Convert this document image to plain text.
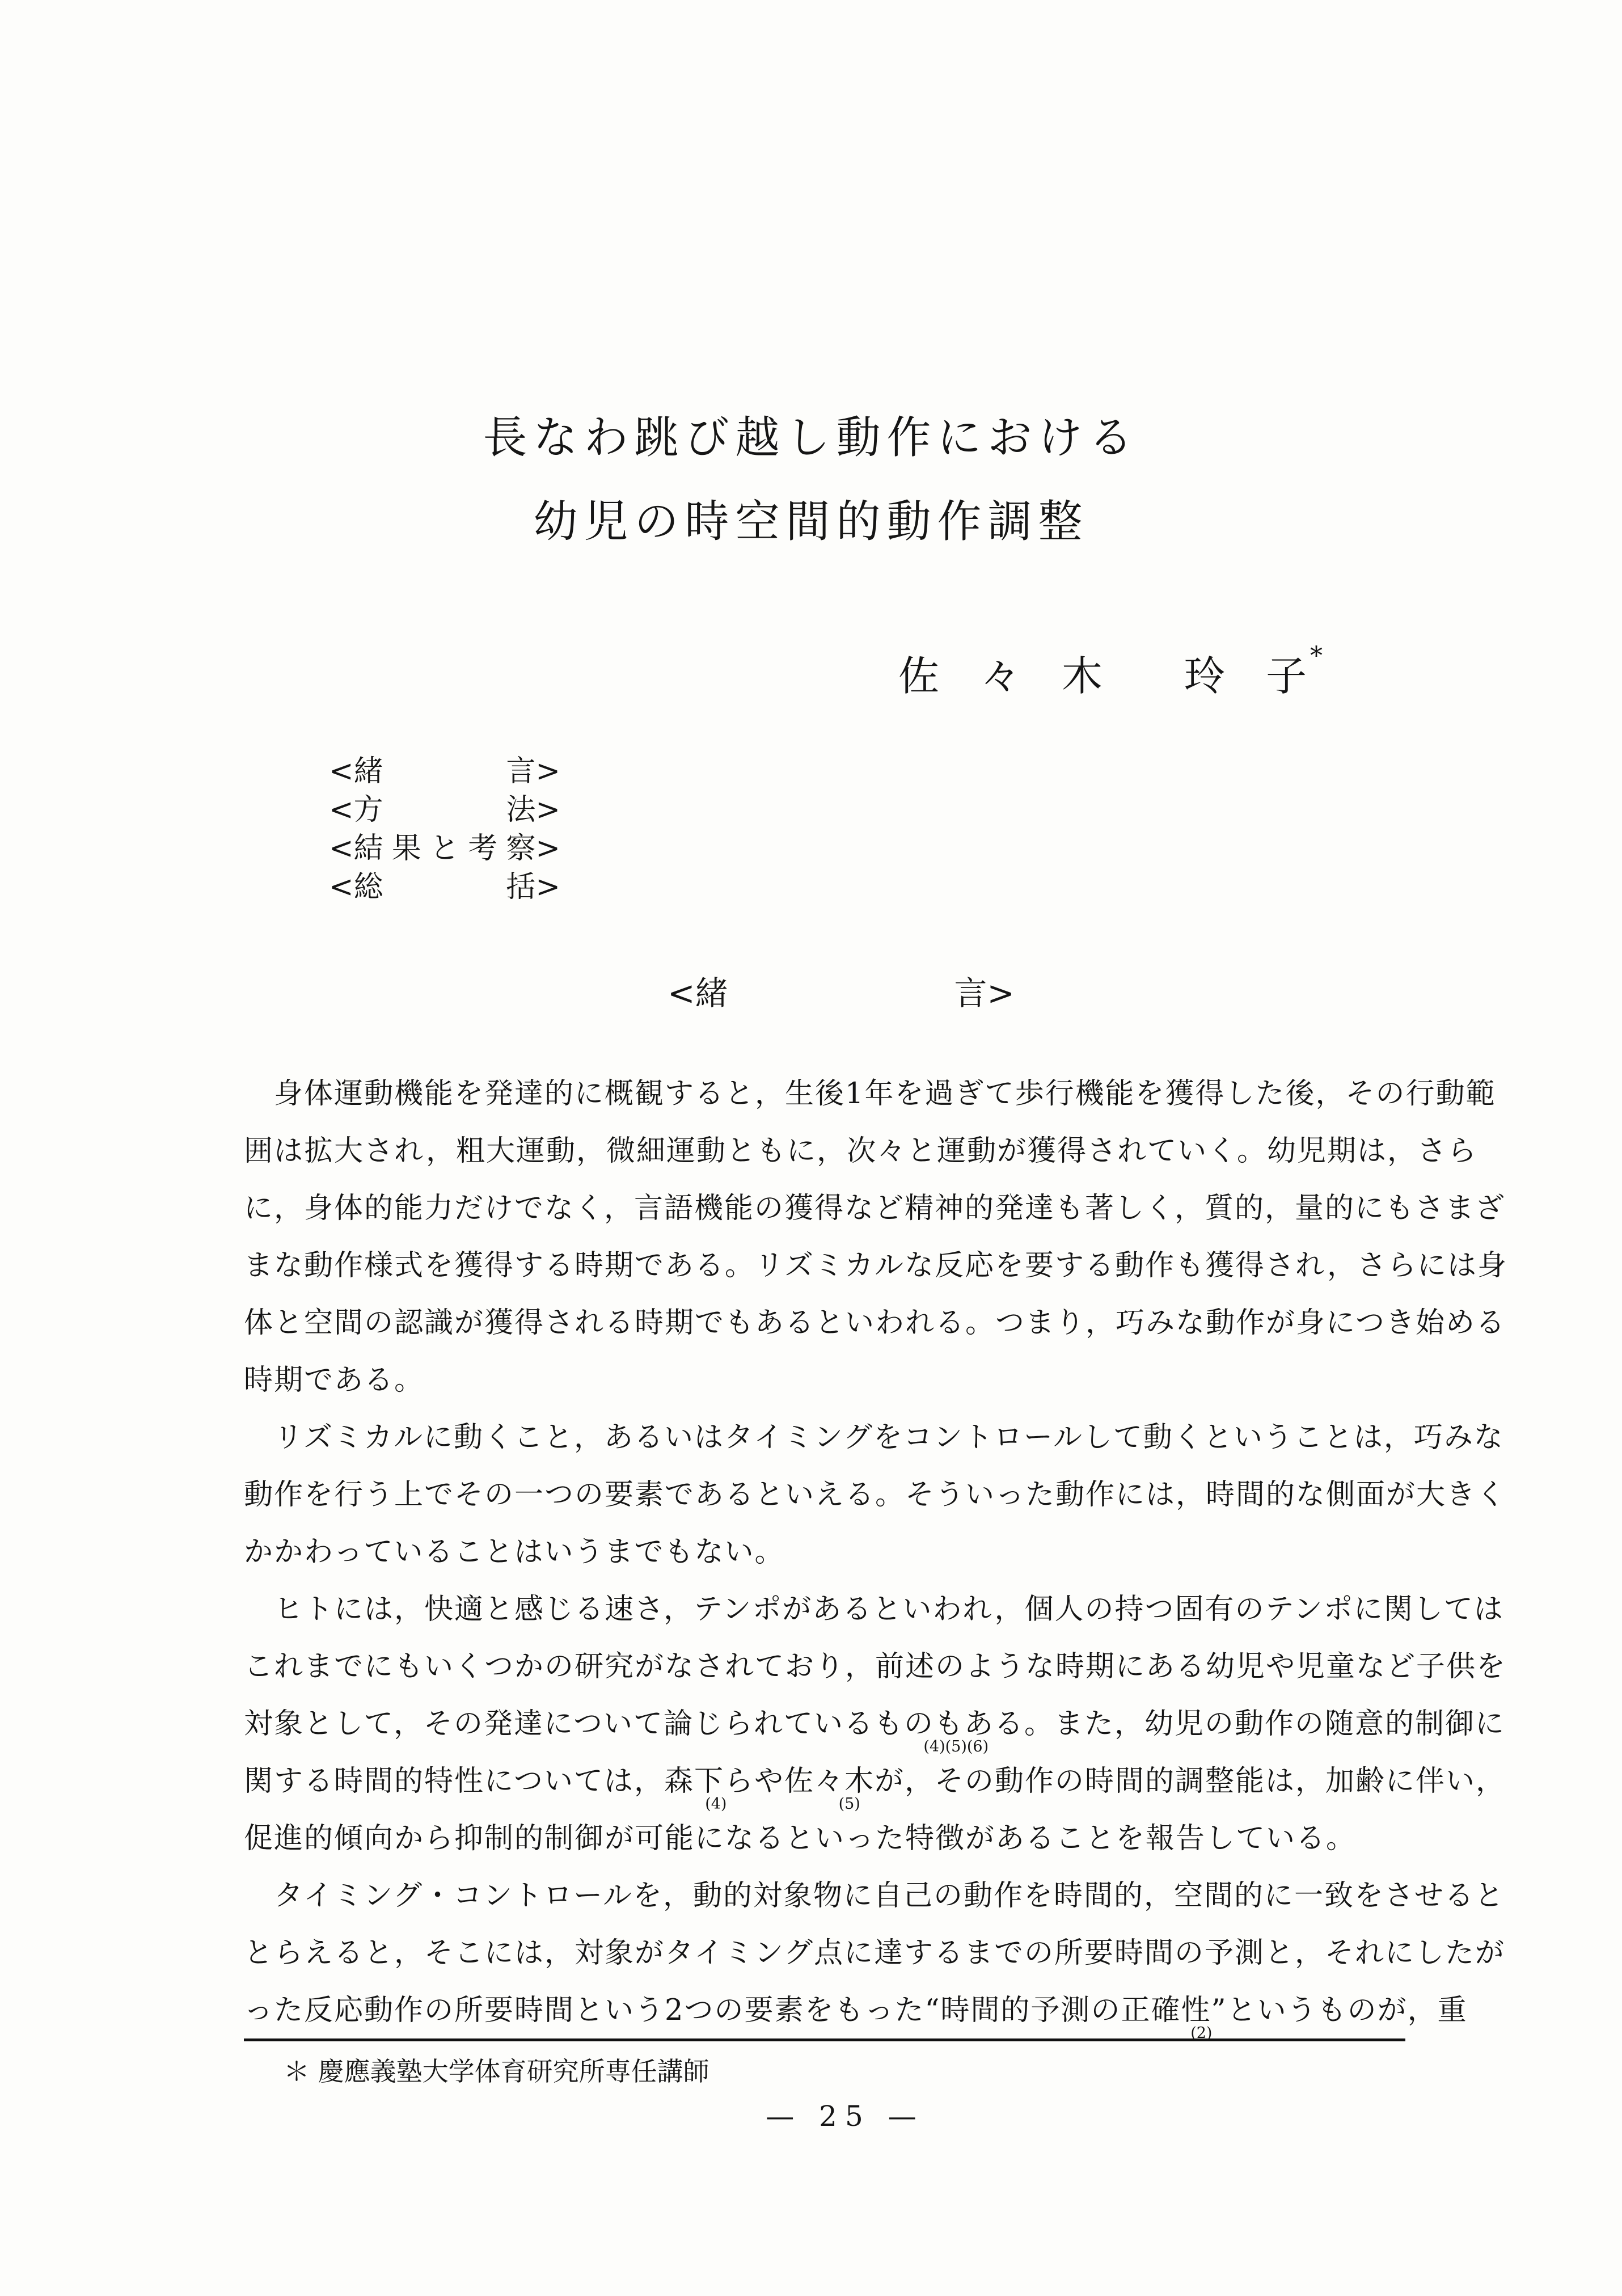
長なわ跳び越し動作における
幼児の時空間的動作調整
佐　々　木　　玲　子 *
<緒	言>
<方	法>
<結 果 と 考 察>
<総	括>
<緒	言>
　身体運動機能を発達的に概観すると，生後1年を過ぎて歩行機能を獲得した後，その行動範
囲は拡大され，粗大運動，微細運動ともに，次々と運動が獲得されていく。幼児期は，さら
に，身体的能力だけでなく，言語機能の獲得など精神的発達も著しく，質的，量的にもさまざ
まな動作様式を獲得する時期である。リズミカルな反応を要する動作も獲得され，さらには身
体と空間の認識が獲得される時期でもあるといわれる。つまり，巧みな動作が身につき始める
時期である。
　リズミカルに動くこと，あるいはタイミングをコントロールして動くということは，巧みな
動作を行う上でその一つの要素であるといえる。そういった動作には，時間的な側面が大きく
かかわっていることはいうまでもない。
　ヒトには，快適と感じる速さ，テンポがあるといわれ，個人の持つ固有のテンポに関しては
これまでにもいくつかの研究がなされており，前述のような時期にある幼児や児童など子供を
対象として，その発達について論じられているものもある。また，幼児の動作の随意的制御に
(4)(5)(6)
関する時間的特性については，森下らや佐々木が，その動作の時間的調整能は，加齢に伴い，
(4)	(5)
促進的傾向から抑制的制御が可能になるといった特徴があることを報告している。
　タイミング・コントロールを，動的対象物に自己の動作を時間的，空間的に一致をさせると
とらえると，そこには，対象がタイミング点に達するまでの所要時間の予測と，それにしたが
った反応動作の所要時間という2つの要素をもった“時間的予測の正確性”というものが，重
(2)
＊ 慶應義塾大学体育研究所専任講師
— 25 —
